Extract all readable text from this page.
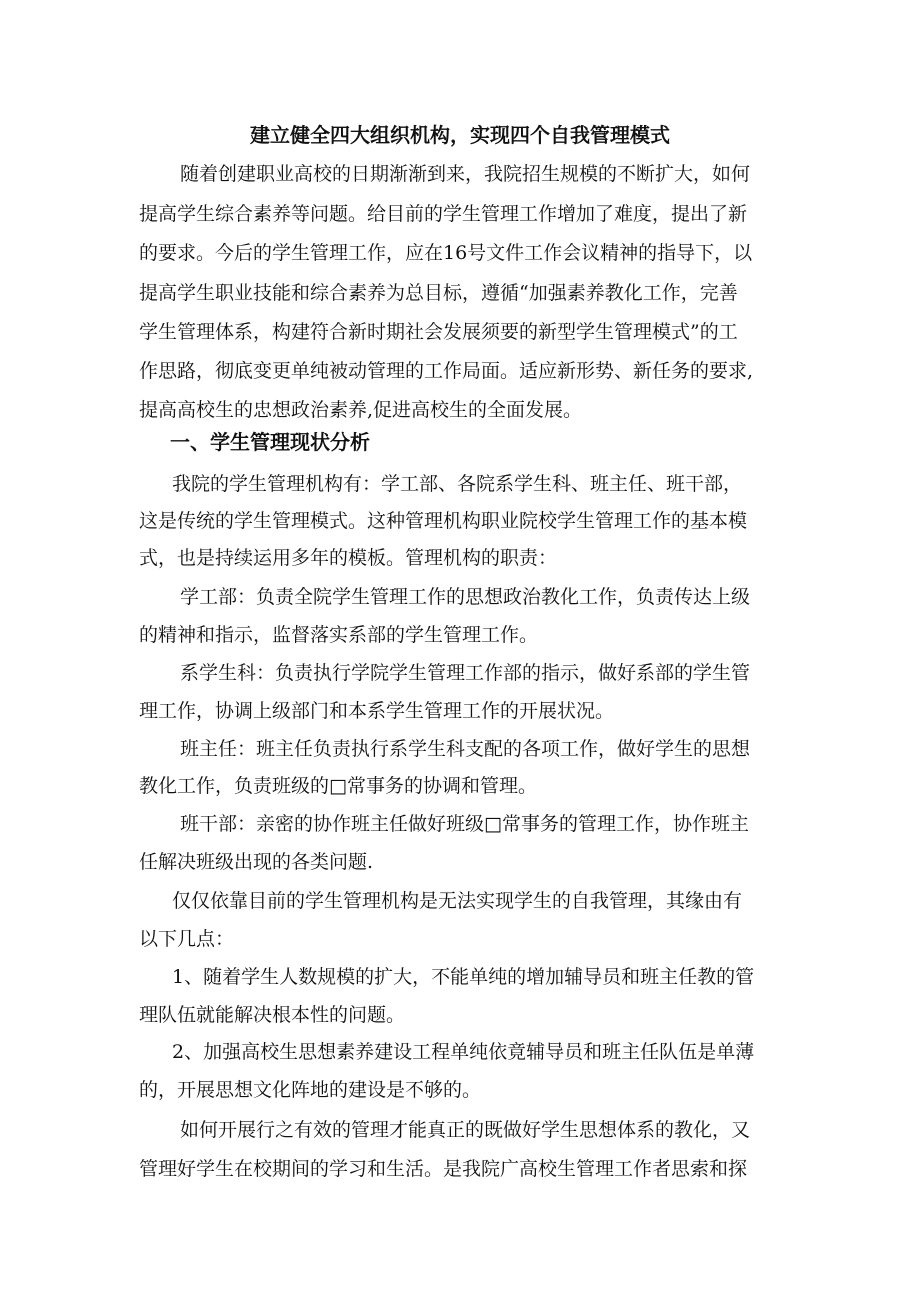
建立健全四大组织机构，实现四个自我管理模式
随着创建职业高校的日期渐渐到来，我院招生规模的不断扩大，如何
提高学生综合素养等问题。给目前的学生管理工作增加了难度，提出了新
的要求。今后的学生管理工作，应在16号文件工作会议精神的指导下，以
提高学生职业技能和综合素养为总目标，遵循“加强素养教化工作，完善
学生管理体系，构建符合新时期社会发展须要的新型学生管理模式”的工
作思路，彻底变更单纯被动管理的工作局面。适应新形势、新任务的要求,
提高高校生的忠想政治素养,促进高校生的全面发展。
一、学生管理现状分析
我院的学生管理机构有：学工部、各院系学生科、班主任、班干部，
这是传统的学生管理模式。这种管理机构职业院校学生管理工作的基本模
式，也是持续运用多年的模板。管理机构的职责：
学工部：负责全院学生管理工作的思想政治教化工作，负责传达上级
的精神和指示，监督落实系部的学生管理工作。
系学生科：负责执行学院学生管理工作部的指示，做好系部的学生管
理工作，协调上级部门和本系学生管理工作的开展状况。
班主任：班主任负责执行系学生科支配的各项工作，做好学生的思想
教化工作，负责班级的□常事务的协调和管理。
班干部：亲密的协作班主任做好班级□常事务的管理工作，协作班主
任解决班级出现的各类问题.
仅仅依靠目前的学生管理机构是无法实现学生的自我管理，其缘由有
以下几点：
1、随着学生人数规模的扩大，不能单纯的增加辅导员和班主任教的管
理队伍就能解决根本性的问题。
2、加强高校生思想素养建设工程单纯依竟辅导员和班主任队伍是单薄
的，开展思想文化阵地的建设是不够的。
如何开展行之有效的管理才能真正的既做好学生思想体系的教化，又
管理好学生在校期间的学习和生活。是我院广高校生管理工作者思索和探
